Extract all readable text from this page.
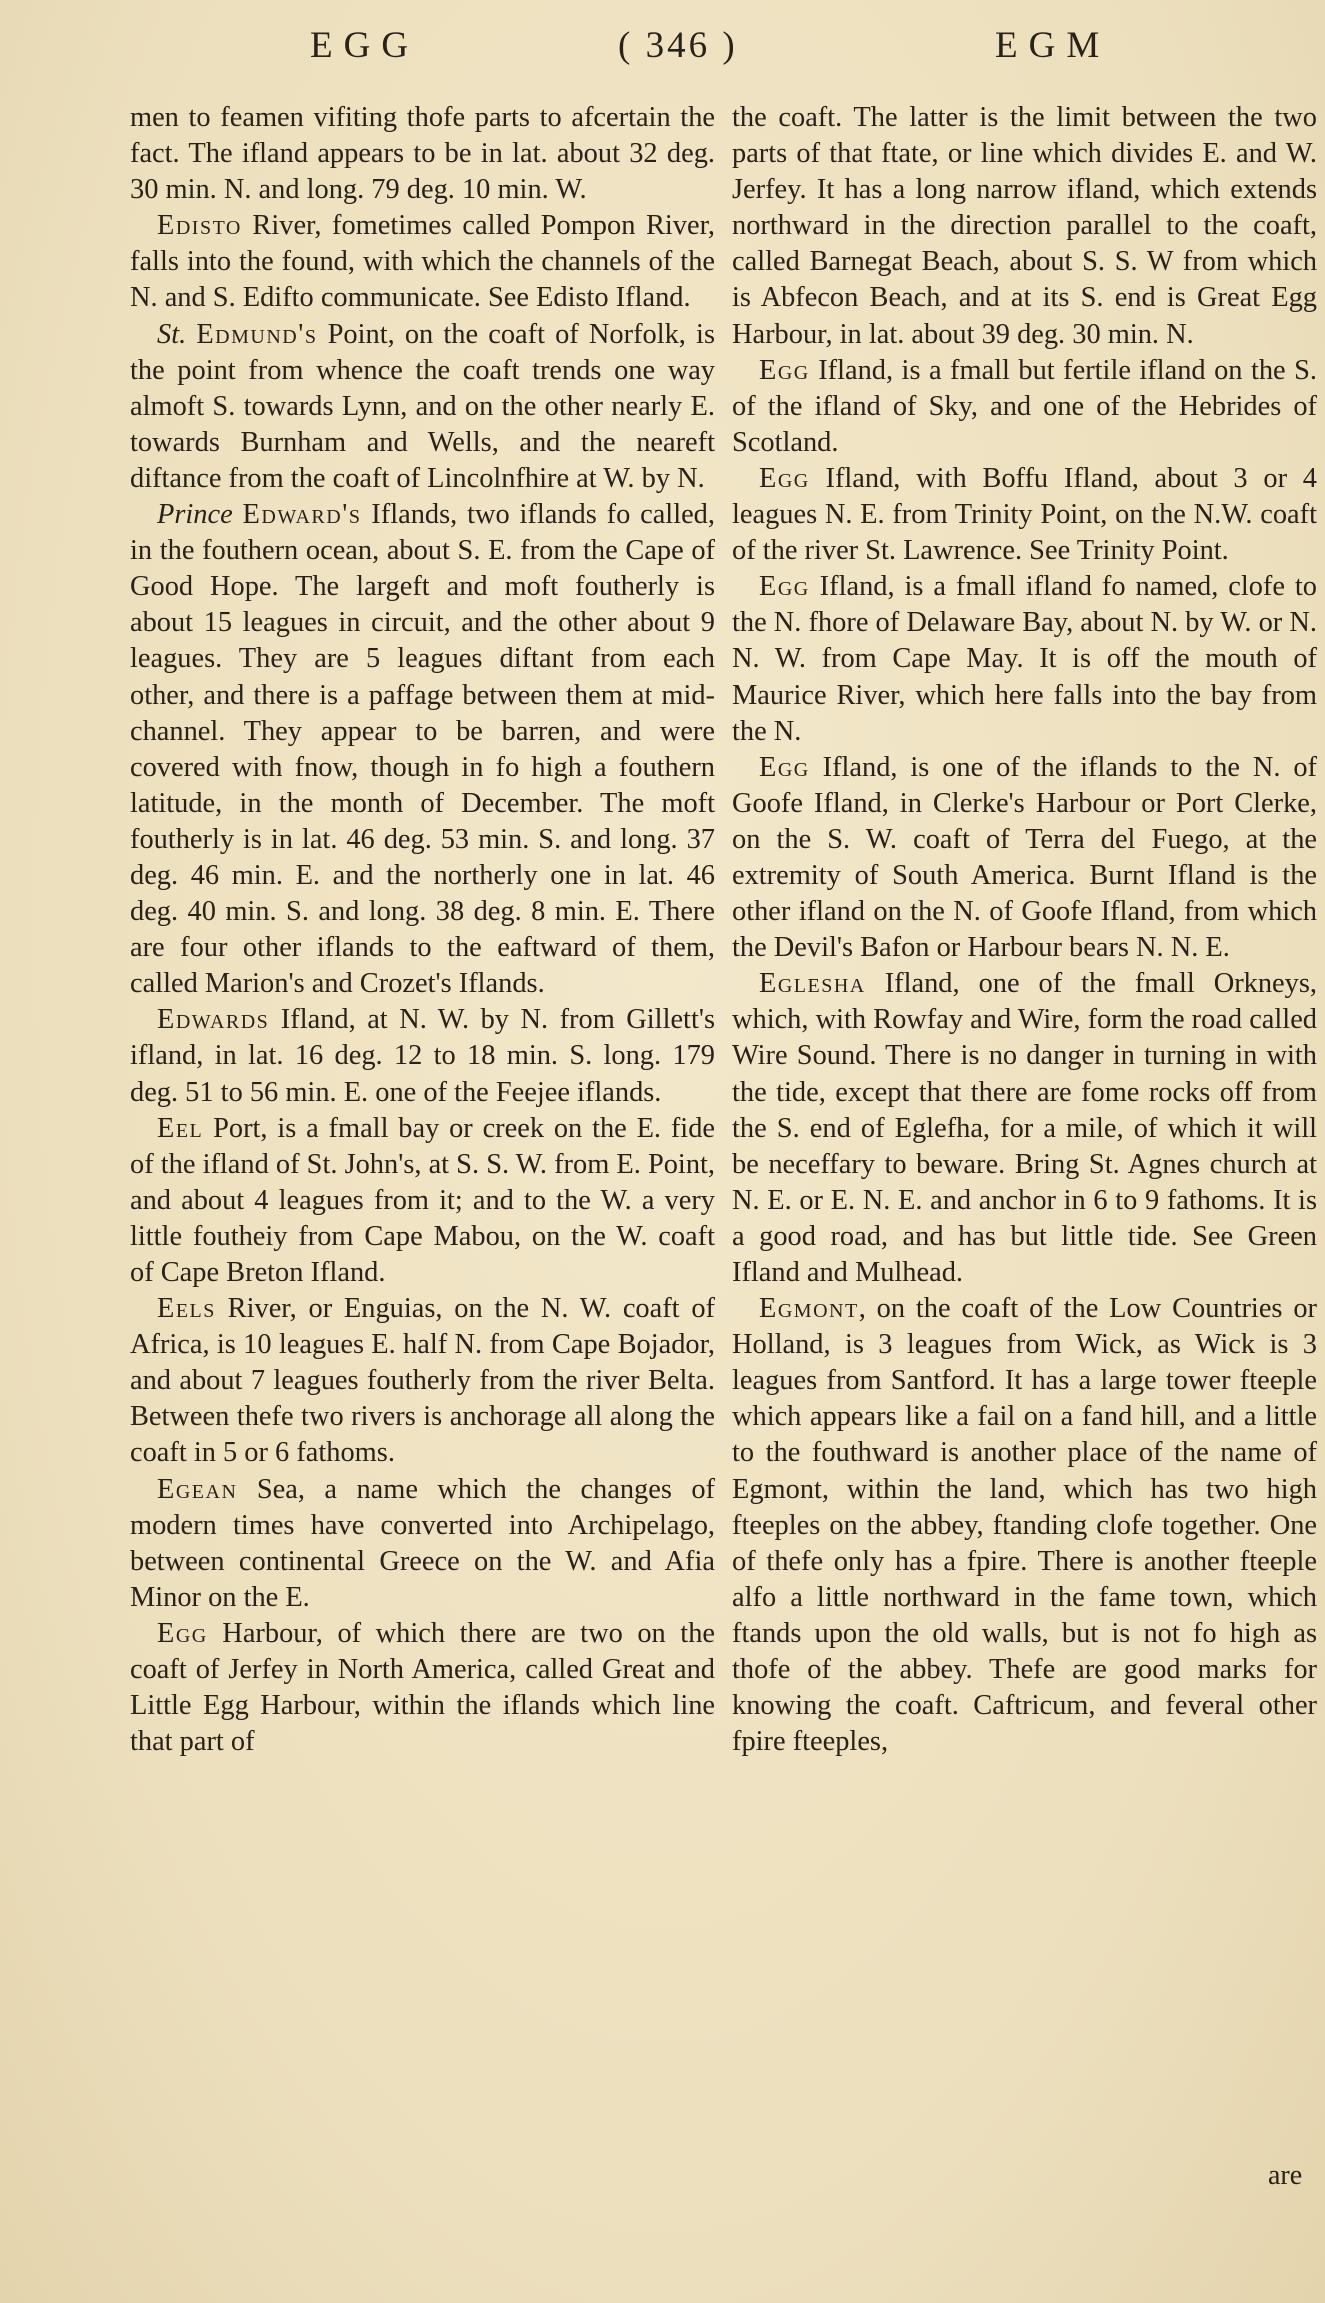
EGG	( 346 )	EGM

men to feamen vifiting thofe parts to afcertain the fact. The ifland appears to be in lat. about 32 deg. 30 min. N. and long. 79 deg. 10 min. W.

Edisto River, fometimes called Pompon River, falls into the found, with which the channels of the N. and S. Edifto communicate. See Edisto Ifland.

St. Edmund's Point, on the coaft of Norfolk, is the point from whence the coaft trends one way almoft S. towards Lynn, and on the other nearly E. towards Burnham and Wells, and the neareft diftance from the coaft of Lincolnfhire at W. by N.

Prince Edward's Iflands, two iflands fo called, in the fouthern ocean, about S. E. from the Cape of Good Hope. The largeft and moft foutherly is about 15 leagues in circuit, and the other about 9 leagues. They are 5 leagues diftant from each other, and there is a paffage between them at mid-channel. They appear to be barren, and were covered with fnow, though in fo high a fouthern latitude, in the month of December. The moft foutherly is in lat. 46 deg. 53 min. S. and long. 37 deg. 46 min. E. and the northerly one in lat. 46 deg. 40 min. S. and long. 38 deg. 8 min. E. There are four other iflands to the eaftward of them, called Marion's and Crozet's Iflands.

Edwards Ifland, at N. W. by N. from Gillett's ifland, in lat. 16 deg. 12 to 18 min. S. long. 179 deg. 51 to 56 min. E. one of the Feejee iflands.

Eel Port, is a fmall bay or creek on the E. fide of the ifland of St. John's, at S. S. W. from E. Point, and about 4 leagues from it; and to the W. a very little foutheiy from Cape Mabou, on the W. coaft of Cape Breton Ifland.

Eels River, or Enguias, on the N. W. coaft of Africa, is 10 leagues E. half N. from Cape Bojador, and about 7 leagues foutherly from the river Belta. Between thefe two rivers is anchorage all along the coaft in 5 or 6 fathoms.

Egean Sea, a name which the changes of modern times have converted into Archipelago, between continental Greece on the W. and Afia Minor on the E.

Egg Harbour, of which there are two on the coaft of Jerfey in North America, called Great and Little Egg Harbour, within the iflands which line that part of

the coaft. The latter is the limit between the two parts of that ftate, or line which divides E. and W. Jerfey. It has a long narrow ifland, which extends northward in the direction parallel to the coaft, called Barnegat Beach, about S. S. W from which is Abfecon Beach, and at its S. end is Great Egg Harbour, in lat. about 39 deg. 30 min. N.

Egg Ifland, is a fmall but fertile ifland on the S. of the ifland of Sky, and one of the Hebrides of Scotland.

Egg Ifland, with Boffu Ifland, about 3 or 4 leagues N. E. from Trinity Point, on the N.W. coaft of the river St. Lawrence. See Trinity Point.

Egg Ifland, is a fmall ifland fo named, clofe to the N. fhore of Delaware Bay, about N. by W. or N. N. W. from Cape May. It is off the mouth of Maurice River, which here falls into the bay from the N.

Egg Ifland, is one of the iflands to the N. of Goofe Ifland, in Clerke's Harbour or Port Clerke, on the S. W. coaft of Terra del Fuego, at the extremity of South America. Burnt Ifland is the other ifland on the N. of Goofe Ifland, from which the Devil's Bafon or Harbour bears N. N. E.

Eglesha Ifland, one of the fmall Orkneys, which, with Rowfay and Wire, form the road called Wire Sound. There is no danger in turning in with the tide, except that there are fome rocks off from the S. end of Eglefha, for a mile, of which it will be neceffary to beware. Bring St. Agnes church at N. E. or E. N. E. and anchor in 6 to 9 fathoms. It is a good road, and has but little tide. See Green Ifland and Mulhead.

Egmont, on the coaft of the Low Countries or Holland, is 3 leagues from Wick, as Wick is 3 leagues from Santford. It has a large tower fteeple which appears like a fail on a fand hill, and a little to the fouthward is another place of the name of Egmont, within the land, which has two high fteeples on the abbey, ftanding clofe together. One of thefe only has a fpire. There is another fteeple alfo a little northward in the fame town, which ftands upon the old walls, but is not fo high as thofe of the abbey. Thefe are good marks for knowing the coaft. Caftricum, and feveral other fpire fteeples,

are
